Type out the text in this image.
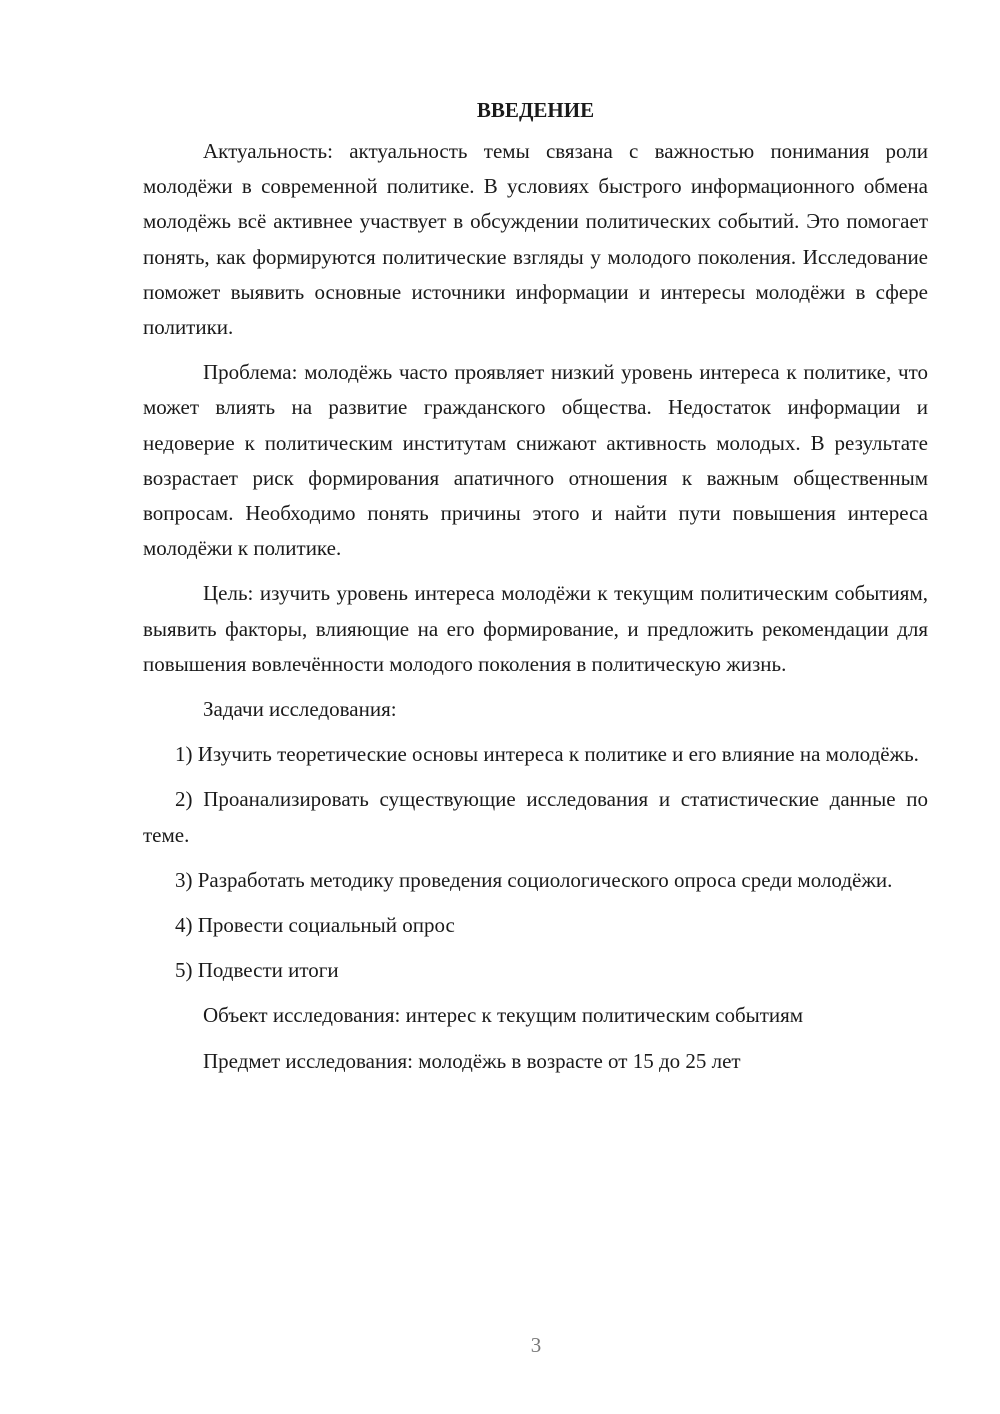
ВВЕДЕНИЕ

Актуальность: актуальность темы связана с важностью понимания роли молодёжи в современной политике. В условиях быстрого информационного обмена молодёжь всё активнее участвует в обсуждении политических событий. Это помогает понять, как формируются политические взгляды у молодого поколения. Исследование поможет выявить основные источники информации и интересы молодёжи в сфере политики.

Проблема: молодёжь часто проявляет низкий уровень интереса к политике, что может влиять на развитие гражданского общества. Недостаток информации и недоверие к политическим институтам снижают активность молодых. В результате возрастает риск формирования апатичного отношения к важным общественным вопросам. Необходимо понять причины этого и найти пути повышения интереса молодёжи к политике.

Цель: изучить уровень интереса молодёжи к текущим политическим событиям, выявить факторы, влияющие на его формирование, и предложить рекомендации для повышения вовлечённости молодого поколения в политическую жизнь.

Задачи исследования:

1) Изучить теоретические основы интереса к политике и его влияние на молодёжь.

2) Проанализировать существующие исследования и статистические данные по теме.

3) Разработать методику проведения социологического опроса среди молодёжи.

4) Провести социальный опрос

5) Подвести итоги

Объект исследования: интерес к текущим политическим событиям

Предмет исследования: молодёжь в возрасте от 15 до 25 лет

3
